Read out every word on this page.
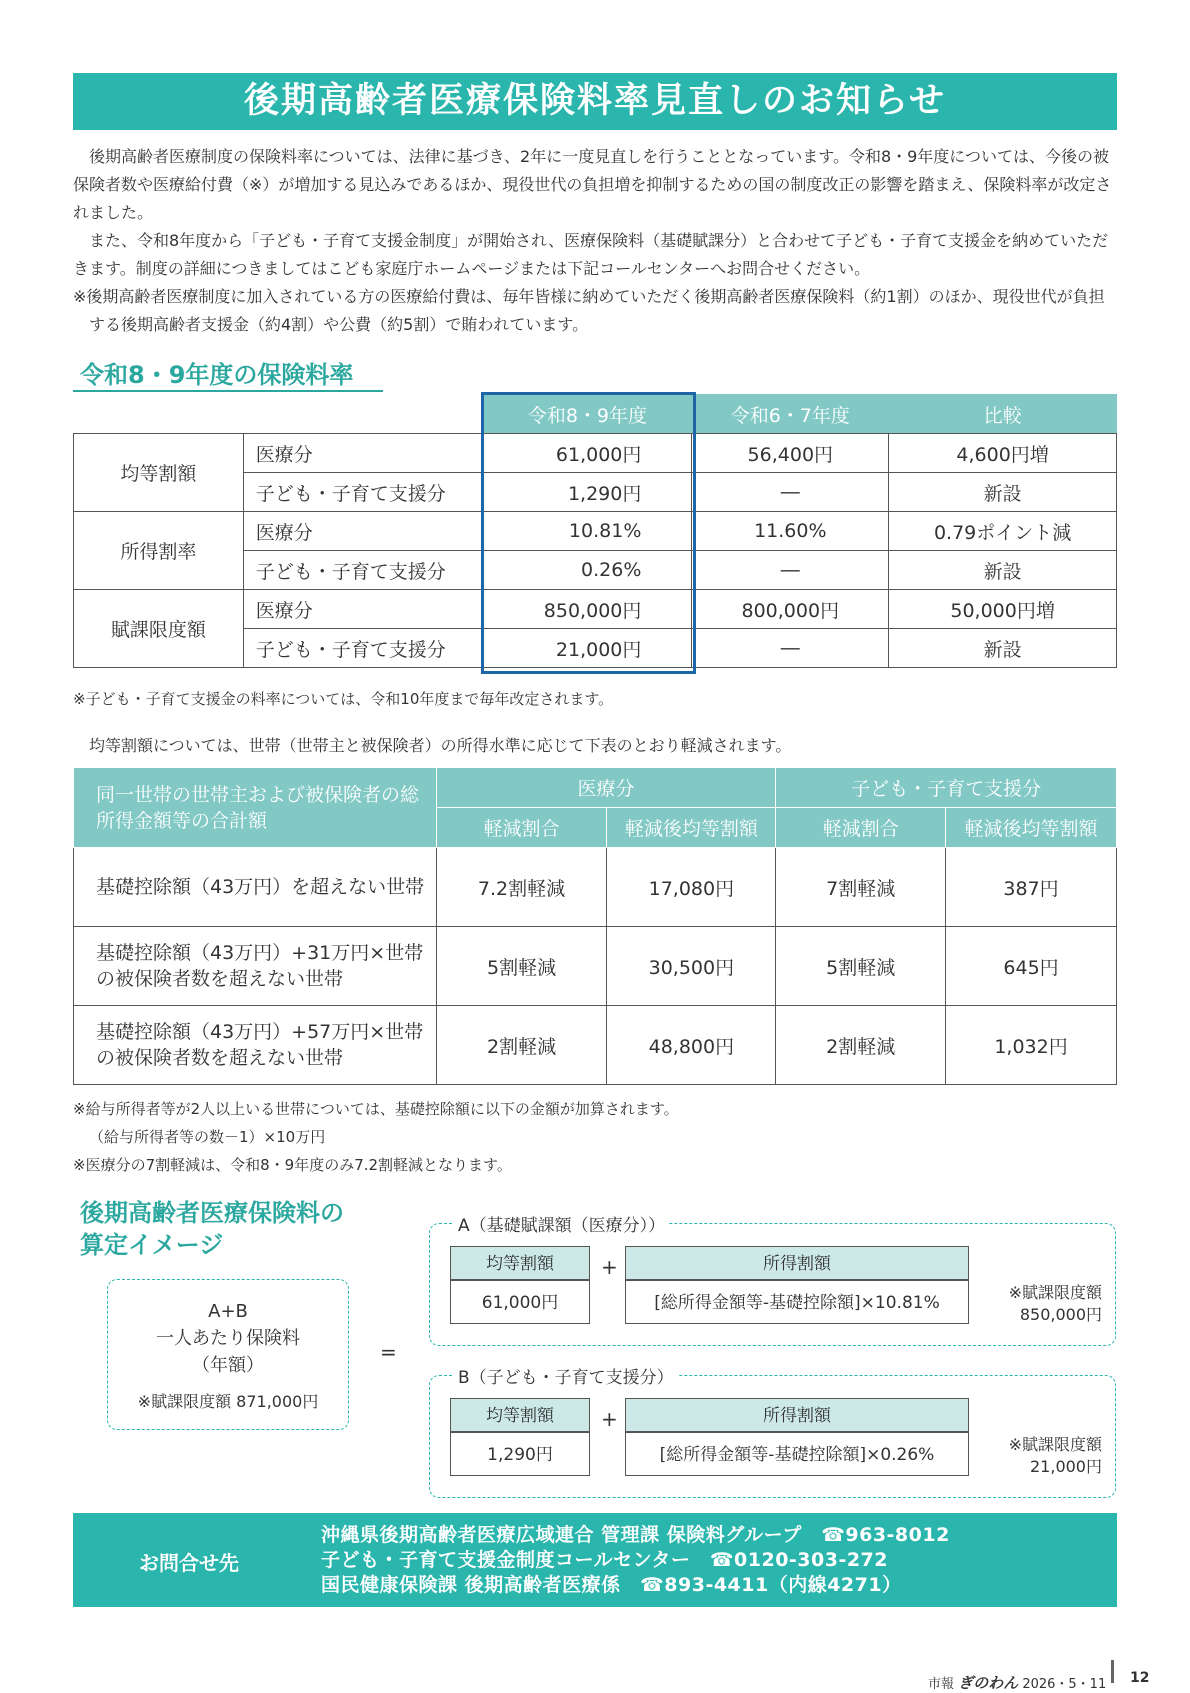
後期高齢者医療保険料率見直しのお知らせ

後期高齢者医療制度の保険料率については、法律に基づき、2年に一度見直しを行うこととなっています。令和8・9年度については、今後の被保険者数や医療給付費（※）が増加する見込みであるほか、現役世代の負担増を抑制するための国の制度改正の影響を踏まえ、保険料率が改定されました。

また、令和8年度から「子ども・子育て支援金制度」が開始され、医療保険料（基礎賦課分）と合わせて子ども・子育て支援金を納めていただきます。制度の詳細につきましてはこども家庭庁ホームページまたは下記コールセンターへお問合せください。

※後期高齢者医療制度に加入されている方の医療給付費は、毎年皆様に納めていただく後期高齢者医療保険料（約1割）のほか、現役世代が負担する後期高齢者支援金（約4割）や公費（約5割）で賄われています。

令和8・9年度の保険料率
		令和8・9年度	令和6・7年度	比較
均等割額	医療分	61,000円	56,400円	4,600円増
	子ども・子育て支援分	1,290円	―	新設
所得割率	医療分	10.81%	11.60%	0.79ポイント減
	子ども・子育て支援分	0.26%	―	新設
賦課限度額	医療分	850,000円	800,000円	50,000円増
	子ども・子育て支援分	21,000円	―	新設
※子ども・子育て支援金の料率については、令和10年度まで毎年改定されます。
均等割額については、世帯（世帯主と被保険者）の所得水準に応じて下表のとおり軽減されます。
同一世帯の世帯主および被保険者の総所得金額等の合計額	医療分		子ども・子育て支援分	
	軽減割合	軽減後均等割額	軽減割合	軽減後均等割額
基礎控除額（43万円）を超えない世帯	7.2割軽減	17,080円	7割軽減	387円
基礎控除額（43万円）+31万円×世帯の被保険者数を超えない世帯	5割軽減	30,500円	5割軽減	645円
基礎控除額（43万円）+57万円×世帯の被保険者数を超えない世帯	2割軽減	48,800円	2割軽減	1,032円
※給与所得者等が2人以上いる世帯については、基礎控除額に以下の金額が加算されます。
（給与所得者等の数－1）×10万円
※医療分の7割軽減は、令和8・9年度のみ7.2割軽減となります。
後期高齢者医療保険料の
算定イメージ
A+B
一人あたり保険料
（年額）
※賦課限度額 871,000円
=
A（基礎賦課額（医療分））
均等割額
61,000円
+	所得割額
[総所得金額等-基礎控除額]×10.81%
※賦課限度額
850,000円
B（子ども・子育て支援分）
均等割額
1,290円
+	所得割額
[総所得金額等-基礎控除額]×0.26%
※賦課限度額
21,000円
お問合せ先
沖縄県後期高齢者医療広域連合 管理課 保険料グループ　☎963-8012
子ども・子育て支援金制度コールセンター　☎0120-303-272
国民健康保険課 後期高齢者医療係　☎893-4411（内線4271）
市報 ぎのわん 2026・5・11 12
